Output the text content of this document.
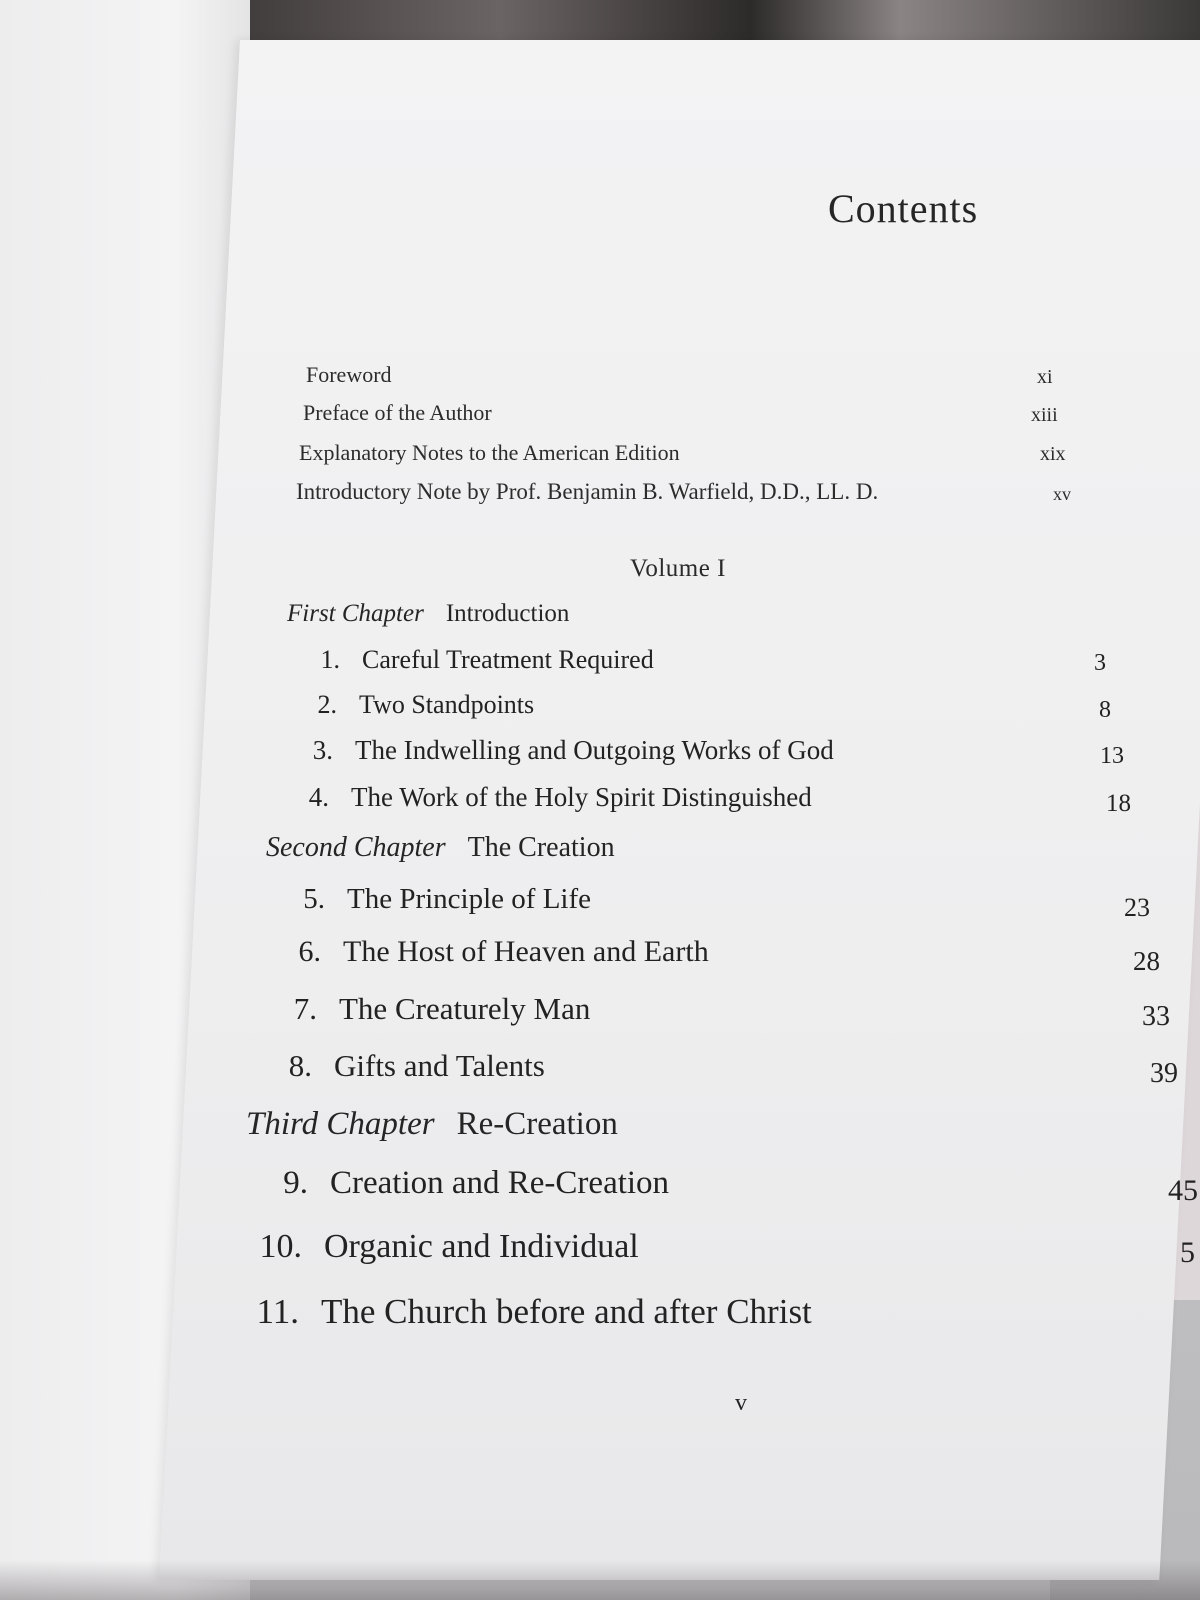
Contents
Foreword	xi
Preface of the Author	xiii
Explanatory Notes to the American Edition	xix
Introductory Note by Prof. Benjamin B. Warfield, D.D., LL. D.	xv
Volume I
First Chapter Introduction
1. Careful Treatment Required	3
2. Two Standpoints	8
3. The Indwelling and Outgoing Works of God	13
4. The Work of the Holy Spirit Distinguished	18
Second Chapter The Creation
5. The Principle of Life	23
6. The Host of Heaven and Earth	28
7. The Creaturely Man	33
8. Gifts and Talents	39
Third Chapter Re-Creation
9. Creation and Re-Creation	45
10. Organic and Individual	5
11. The Church before and after Christ
v
